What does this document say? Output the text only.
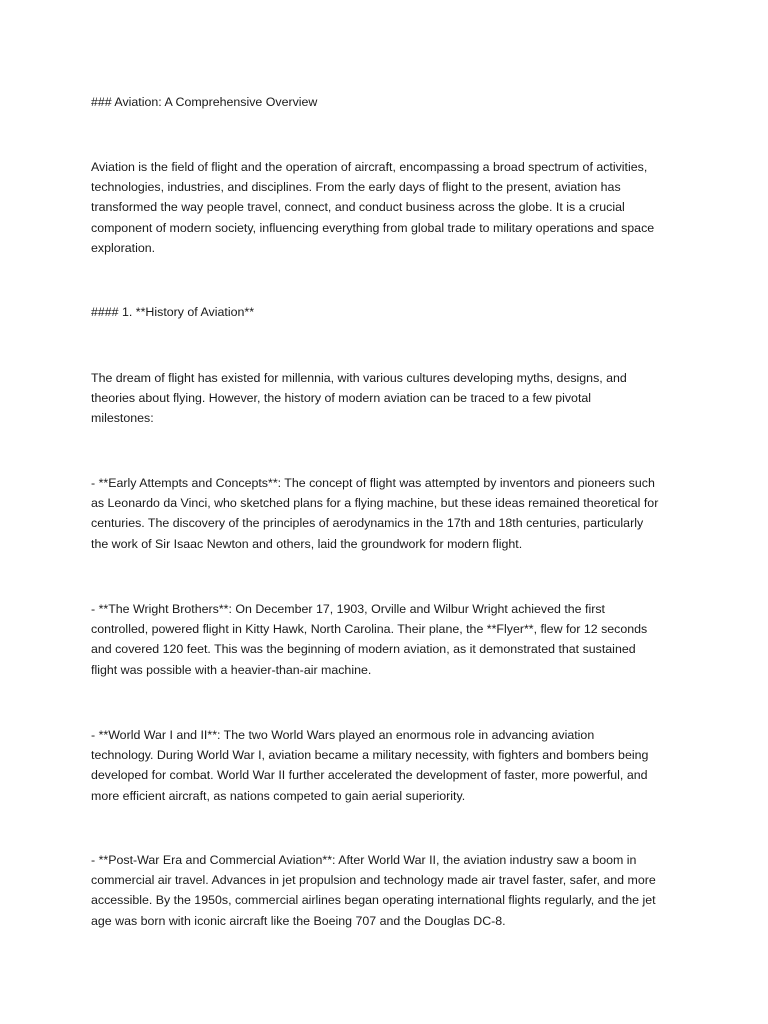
### Aviation: A Comprehensive Overview

Aviation is the field of flight and the operation of aircraft, encompassing a broad spectrum of activities,
technologies, industries, and disciplines. From the early days of flight to the present, aviation has
transformed the way people travel, connect, and conduct business across the globe. It is a crucial
component of modern society, influencing everything from global trade to military operations and space
exploration.

#### 1. **History of Aviation**

The dream of flight has existed for millennia, with various cultures developing myths, designs, and
theories about flying. However, the history of modern aviation can be traced to a few pivotal
milestones:

- **Early Attempts and Concepts**: The concept of flight was attempted by inventors and pioneers such
as Leonardo da Vinci, who sketched plans for a flying machine, but these ideas remained theoretical for
centuries. The discovery of the principles of aerodynamics in the 17th and 18th centuries, particularly
the work of Sir Isaac Newton and others, laid the groundwork for modern flight.

- **The Wright Brothers**: On December 17, 1903, Orville and Wilbur Wright achieved the first
controlled, powered flight in Kitty Hawk, North Carolina. Their plane, the **Flyer**, flew for 12 seconds
and covered 120 feet. This was the beginning of modern aviation, as it demonstrated that sustained
flight was possible with a heavier-than-air machine.

- **World War I and II**: The two World Wars played an enormous role in advancing aviation
technology. During World War I, aviation became a military necessity, with fighters and bombers being
developed for combat. World War II further accelerated the development of faster, more powerful, and
more efficient aircraft, as nations competed to gain aerial superiority.

- **Post-War Era and Commercial Aviation**: After World War II, the aviation industry saw a boom in
commercial air travel. Advances in jet propulsion and technology made air travel faster, safer, and more
accessible. By the 1950s, commercial airlines began operating international flights regularly, and the jet
age was born with iconic aircraft like the Boeing 707 and the Douglas DC-8.
